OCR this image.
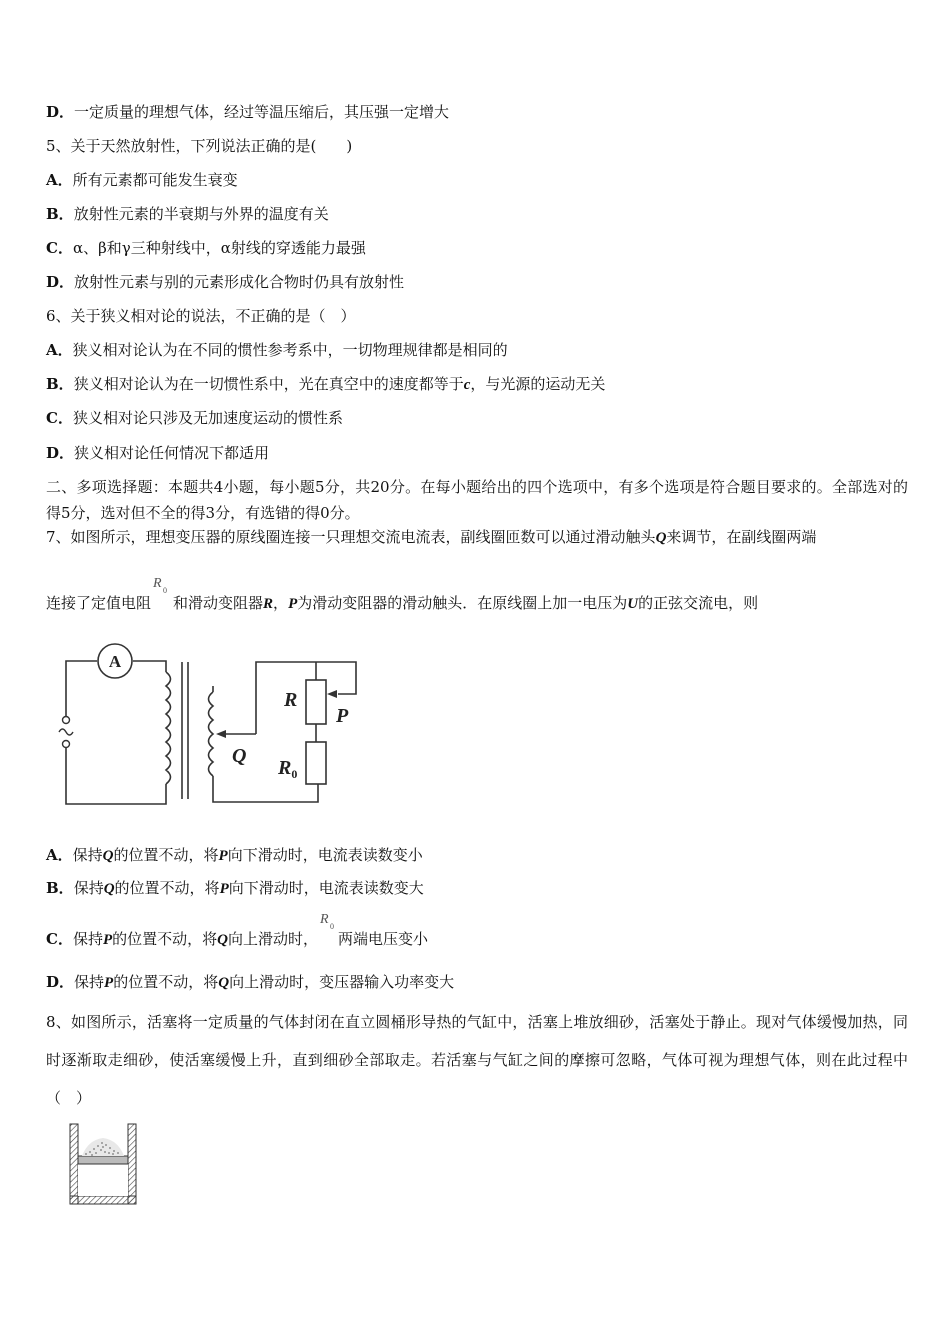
D．一定质量的理想气体，经过等温压缩后，其压强一定增大
5、关于天然放射性，下列说法正确的是(　　)
A．所有元素都可能发生衰变
B．放射性元素的半衰期与外界的温度有关
C．α、β和γ三种射线中，α射线的穿透能力最强
D．放射性元素与别的元素形成化合物时仍具有放射性
6、关于狭义相对论的说法，不正确的是（　）
A．狭义相对论认为在不同的惯性参考系中，一切物理规律都是相同的
B．狭义相对论认为在一切惯性系中，光在真空中的速度都等于c，与光源的运动无关
C．狭义相对论只涉及无加速度运动的惯性系
D．狭义相对论任何情况下都适用
二、多项选择题：本题共4小题，每小题5分，共20分。在每小题给出的四个选项中，有多个选项是符合题目要求的。全部选对的得5分，选对但不全的得3分，有选错的得0分。
7、如图所示，理想变压器的原线圈连接一只理想交流电流表，副线圈匝数可以通过滑动触头Q来调节，在副线圈两端
连接了定值电阻
R 0
和滑动变阻器R，P为滑动变阻器的滑动触头．在原线圈上加一电压为U的正弦交流电，则
A
R
P
Q
$R_0$
A．保持Q的位置不动，将P向下滑动时，电流表读数变小
B．保持Q的位置不动，将P向下滑动时，电流表读数变大
C．保持P的位置不动，将Q向上滑动时，
R 0
两端电压变小
D．保持P的位置不动，将Q向上滑动时，变压器输入功率变大
8、如图所示，活塞将一定质量的气体封闭在直立圆桶形导热的气缸中，活塞上堆放细砂，活塞处于静止。现对气体缓慢加热，同时逐渐取走细砂，使活塞缓慢上升，直到细砂全部取走。若活塞与气缸之间的摩擦可忽略，气体可视为理想气体，则在此过程中（　）
